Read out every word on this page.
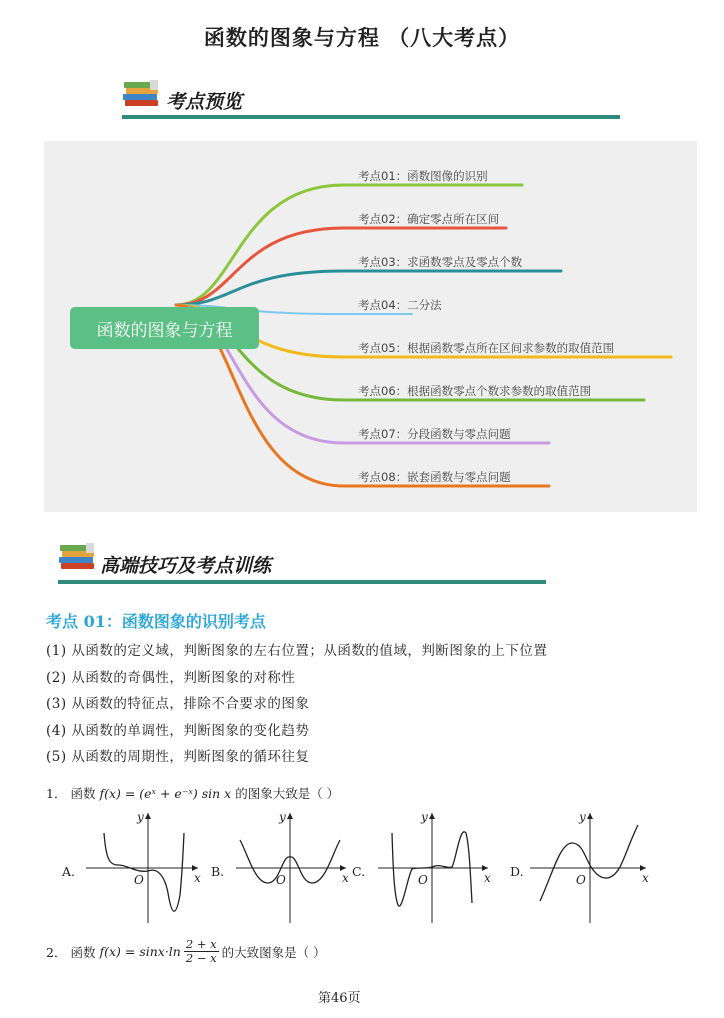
函数的图象与方程 （八大考点）
考点预览
函数的图象与方程
考点01：函数图像的识别
考点02：确定零点所在区间
考点03：求函数零点及零点个数
考点04：二分法
考点05：根据函数零点所在区间求参数的取值范围
考点06：根据函数零点个数求参数的取值范围
考点07：分段函数与零点问题
考点08：嵌套函数与零点问题
高端技巧及考点训练
考点 01：函数图象的识别考点
(1) 从函数的定义域，判断图象的左右位置；从函数的值域，判断图象的上下位置
(2) 从函数的奇偶性，判断图象的对称性
(3) 从函数的特征点，排除不合要求的图象
(4) 从函数的单调性，判断图象的变化趋势
(5) 从函数的周期性，判断图象的循环往复
1． 函数 f(x) = (eˣ + e⁻ˣ) sin x 的图象大致是（ ）
A.	B.	C.	D.
x
y
O	x
y
O	x
y
O	x
y
O
2． 函数 $f(x) = \sin x\cdot\ln \frac{2 + x}{2 - x}$ 的大致图象是（ ）
第46页
